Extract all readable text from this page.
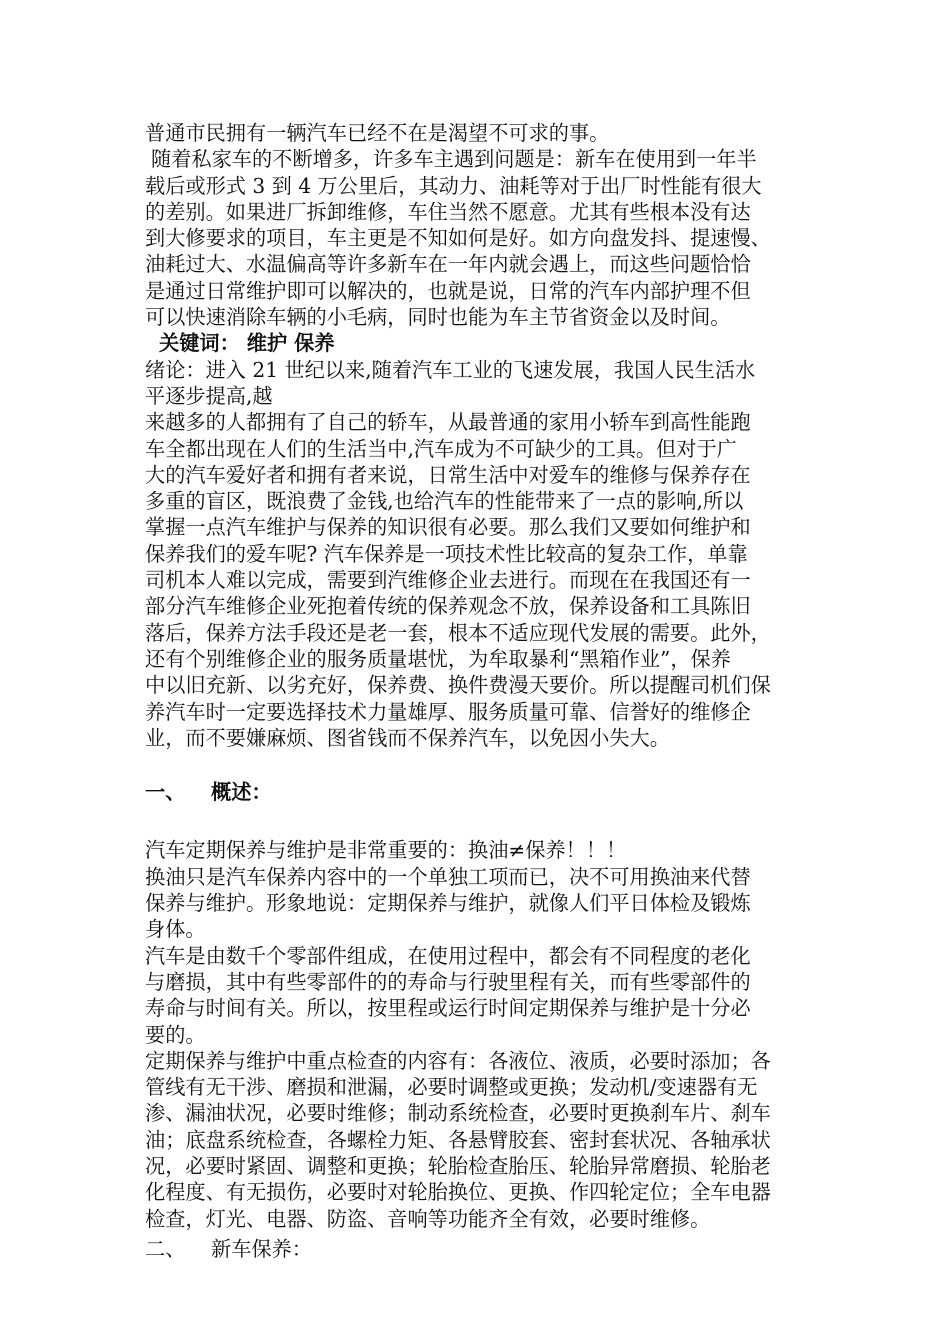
普通市民拥有一辆汽车已经不在是渴望不可求的事。

随着私家车的不断增多，许多车主遇到问题是：新车在使用到一年半
载后或形式 3 到 4 万公里后，其动力、油耗等对于出厂时性能有很大
的差别。如果进厂拆卸维修，车住当然不愿意。尤其有些根本没有达
到大修要求的项目，车主更是不知如何是好。如方向盘发抖、提速慢、
油耗过大、水温偏高等许多新车在一年内就会遇上，而这些问题恰恰
是通过日常维护即可以解决的，也就是说，日常的汽车内部护理不但
可以快速消除车辆的小毛病，同时也能为车主节省资金以及时间。

关键词： 维护 保养

绪论：进入 21 世纪以来,随着汽车工业的飞速发展，我国人民生活水
平逐步提高,越

来越多的人都拥有了自己的轿车，从最普通的家用小轿车到高性能跑
车全都出现在人们的生活当中,汽车成为不可缺少的工具。但对于广
大的汽车爱好者和拥有者来说，日常生活中对爱车的维修与保养存在
多重的盲区，既浪费了金钱,也给汽车的性能带来了一点的影响,所以
掌握一点汽车维护与保养的知识很有必要。那么我们又要如何维护和
保养我们的爱车呢? 汽车保养是一项技术性比较高的复杂工作，单靠
司机本人难以完成，需要到汽维修企业去进行。而现在在我国还有一
部分汽车维修企业死抱着传统的保养观念不放，保养设备和工具陈旧
落后，保养方法手段还是老一套，根本不适应现代发展的需要。此外，
还有个别维修企业的服务质量堪忧，为牟取暴利“黑箱作业”，保养
中以旧充新、以劣充好，保养费、换件费漫天要价。所以提醒司机们保
养汽车时一定要选择技术力量雄厚、服务质量可靠、信誉好的维修企
业，而不要嫌麻烦、图省钱而不保养汽车，以免因小失大。

一、	概述：

汽车定期保养与维护是非常重要的：换油≠保养！！！

换油只是汽车保养内容中的一个单独工项而已，决不可用换油来代替
保养与维护。形象地说：定期保养与维护，就像人们平日体检及锻炼
身体。

汽车是由数千个零部件组成，在使用过程中，都会有不同程度的老化
与磨损，其中有些零部件的的寿命与行驶里程有关，而有些零部件的
寿命与时间有关。所以，按里程或运行时间定期保养与维护是十分必
要的。

定期保养与维护中重点检查的内容有：各液位、液质，必要时添加；各
管线有无干涉、磨损和泄漏，必要时调整或更换；发动机/变速器有无
渗、漏油状况，必要时维修；制动系统检查，必要时更换刹车片、刹车
油；底盘系统检查，各螺栓力矩、各悬臂胶套、密封套状况、各轴承状
况，必要时紧固、调整和更换；轮胎检查胎压、轮胎异常磨损、轮胎老
化程度、有无损伤，必要时对轮胎换位、更换、作四轮定位；全车电器
检查，灯光、电器、防盗、音响等功能齐全有效，必要时维修。

二、	新车保养：
